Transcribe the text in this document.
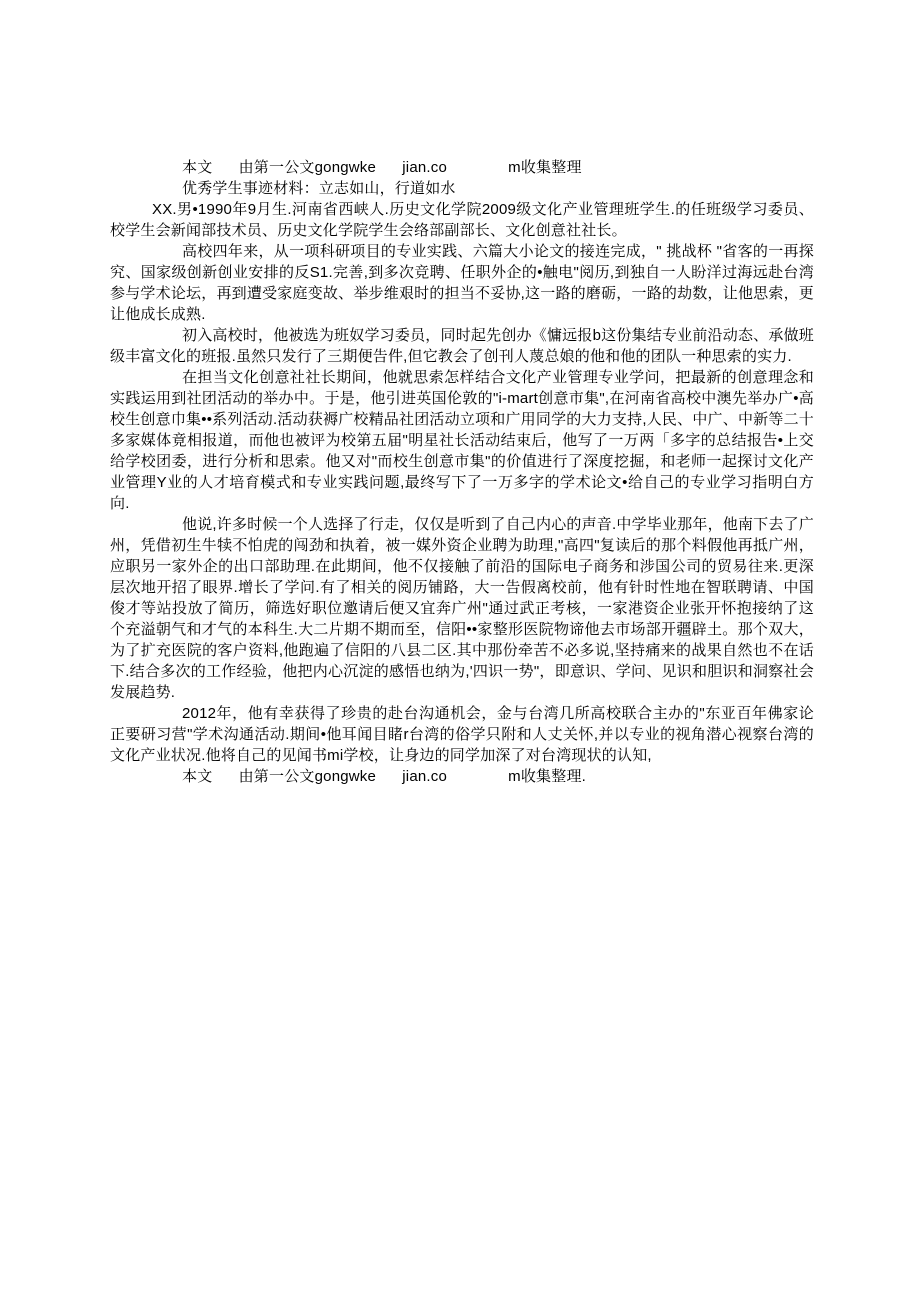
本文      由第一公文gongwke      jian.co              m收集整理

优秀学生事迹材料：立志如山，行道如水

XX.男•1990年9月生.河南省西峡人.历史文化学院2009级文化产业管理班学生.的任班级学习委员、校学生会新闻部技术员、历史文化学院学生会络部副部长、文化创意社社长。

高校四年来，从一项科研项目的专业实践、六篇大小论文的接连完成，" 挑战杯 "省客的一再探究、国家级创新创业安排的反S1.完善,到多次竞聘、任职外企的•触电"阅历,到独自一人盼洋过海远赴台湾参与学术论坛，再到遭受家庭变故、举步维艰时的担当不妥协,这一路的磨砺，一路的劫数，让他思索，更让他成长成熟.

初入高校时，他被选为班奴学习委员，同时起先创办《慵远报b这份集结专业前沿动态、承做班级丰富文化的班报.虽然只发行了三期便告件,但它教会了创刊人蔑总娘的他和他的团队一种思索的实力.

在担当文化创意社社长期间，他就思索怎样结合文化产业管理专业学问，把最新的创意理念和实践运用到社团活动的举办中。于是，他引进英国伦敦的"i-mart创意市集",在河南省高校中澳先举办广•高校生创意巾集••系列活动.活动获褥广校精品社团活动立项和广用同学的大力支持,人民、中广、中新等二十多家媒体竟相报道，而他也被评为校第五届"明星社长活动结束后，他写了一万两「多字的总结报告•上交给学校团委，进行分析和思索。他又对"而校生创意市集"的价值进行了深度挖掘，和老师一起探讨文化产业管理Y业的人才培育模式和专业实践问题,最终写下了一万多字的学术论文•给自己的专业学习指明白方向.

他说,许多时候一个人选择了行走，仅仅是听到了自己内心的声音.中学毕业那年，他南下去了广州，凭借初生牛犊不怕虎的闯劲和执着，被一媒外资企业聘为助理,"高四"复读后的那个料假他再抵广州，应职另一家外企的出口部助理.在此期间，他不仅接触了前沿的国际电子商务和涉国公司的贸易往来.更深层次地开招了眼界.增长了学问.有了相关的阅历铺路，大一告假离校前，他有针时性地在智联聘请、中国俊才等站投放了简历，筛选好职位邀请后便又宜奔广州"通过武正考核，一家港资企业张开怀抱接纳了这个充溢朝气和才气的本科生.大二片期不期而至，信阳••家整形医院物谛他去市场部开疆辟土。那个双大，为了扩充医院的客户资料,他跑遍了信阳的八县二区.其中那份牵苦不必多说,坚持痛来的战果自然也不在话下.结合多次的工作经验，他把内心沉淀的感悟也纳为,'四识一势"，即意识、学问、见识和胆识和洞察社会发展趋势.

2012年，他有幸获得了珍贵的赴台沟通机会，金与台湾几所高校联合主办的"东亚百年佛家论正要研习营"学术沟通活动.期间•他耳闻目睹r台湾的俗学只附和人丈关怀,并以专业的视角潜心视察台湾的文化产业状况.他将自己的见闻书mi学校，让身边的同学加深了对台湾现状的认知,

本文      由第一公文gongwke      jian.co              m收集整理.
